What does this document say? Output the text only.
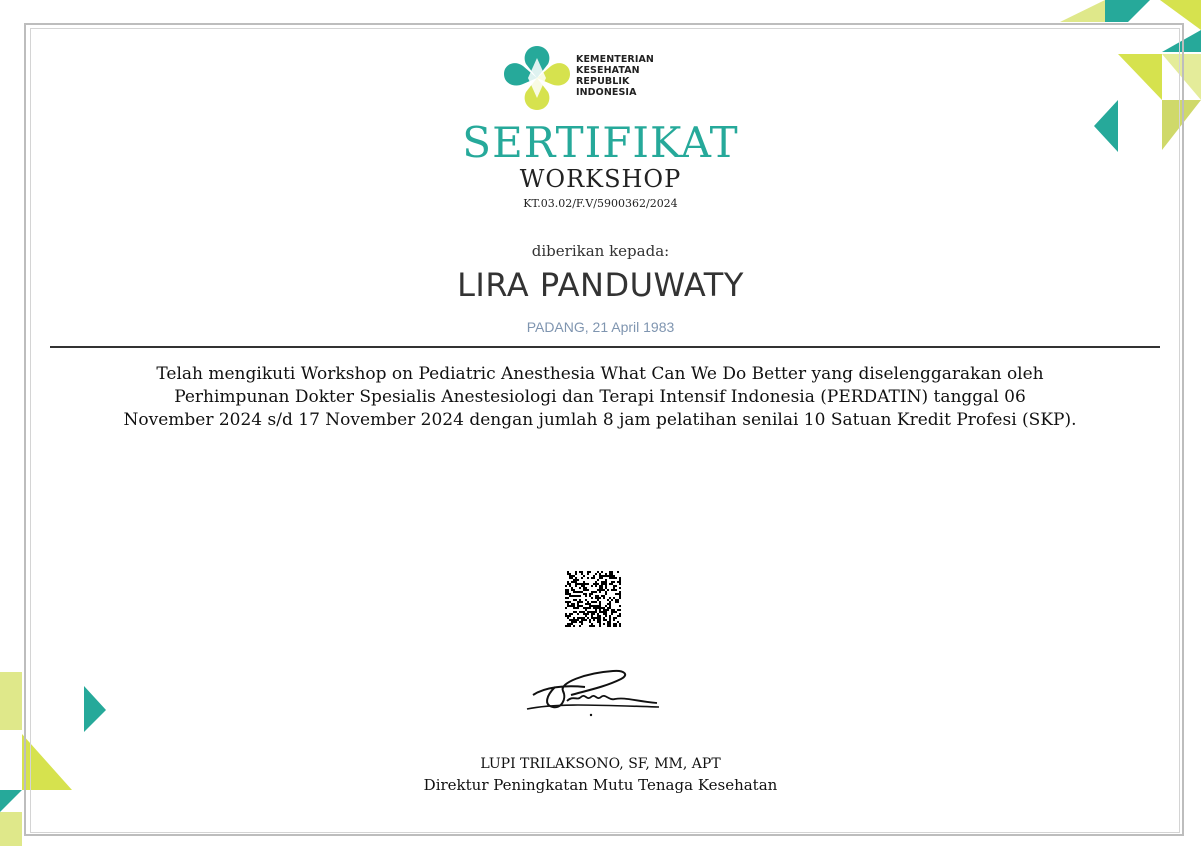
KEMENTERIAN
KESEHATAN
REPUBLIK
INDONESIA
SERTIFIKAT
WORKSHOP
KT.03.02/F.V/5900362/2024
diberikan kepada:
LIRA PANDUWATY
PADANG, 21 April 1983
Telah mengikuti Workshop on Pediatric Anesthesia What Can We Do Better yang diselenggarakan oleh
Perhimpunan Dokter Spesialis Anestesiologi dan Terapi Intensif Indonesia (PERDATIN) tanggal 06
November 2024 s/d 17 November 2024 dengan jumlah 8 jam pelatihan senilai 10 Satuan Kredit Profesi (SKP).
LUPI TRILAKSONO, SF, MM, APT
Direktur Peningkatan Mutu Tenaga Kesehatan
